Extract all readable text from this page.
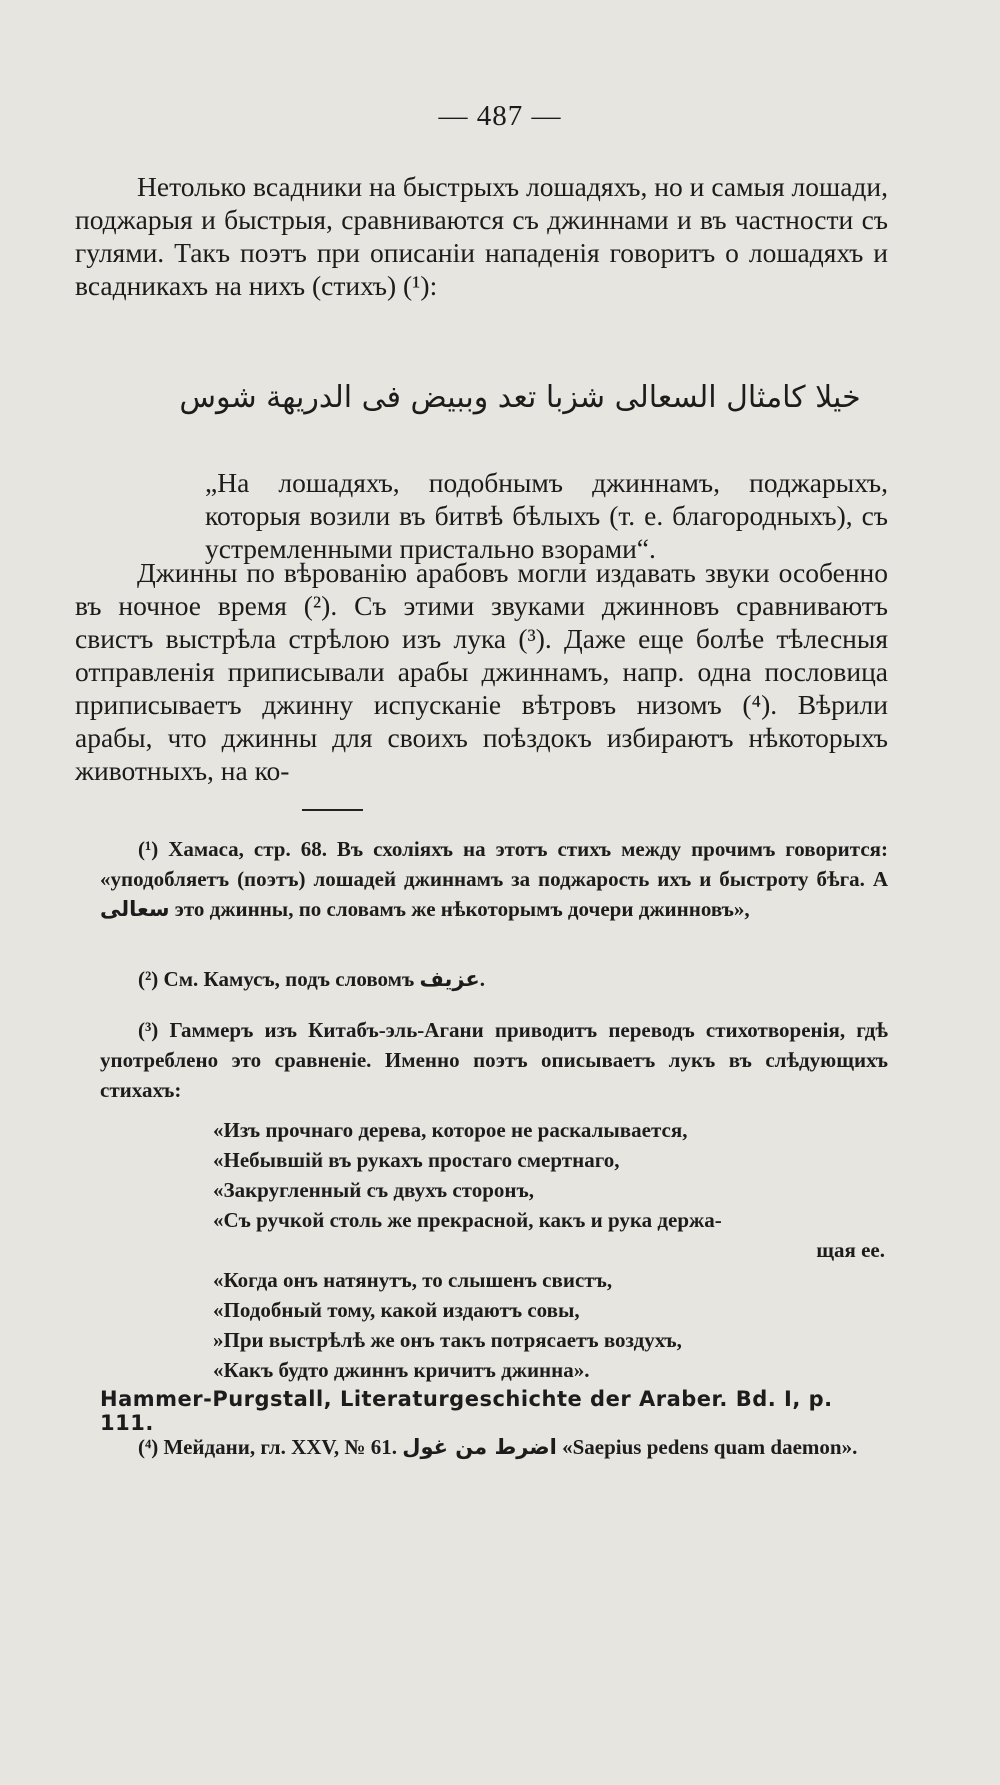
— 487 —
Нетолько всадники на быстрыхъ лошадяхъ, но и самыя лошади, поджарыя и быстрыя, сравниваются съ джиннами и въ частности съ гулями. Такъ поэтъ при описаніи нападенія говоритъ о лошадяхъ и всадникахъ на нихъ (стихъ) (¹):
خيلا كامثال السعالى شزبا تعد وببيض فى الدريهة شوس
„На лошадяхъ, подобнымъ джиннамъ, поджарыхъ, которыя возили въ битвѣ бѣлыхъ (т. е. благородныхъ), съ устремленными пристально взорами“.
Джинны по вѣрованію арабовъ могли издавать звуки особенно въ ночное время (²). Съ этими звуками джинновъ сравниваютъ свистъ выстрѣла стрѣлою изъ лука (³). Даже еще болѣе тѣлесныя отправленія приписывали арабы джиннамъ, напр. одна пословица приписываетъ джинну испусканіе вѣтровъ низомъ (⁴). Вѣрили арабы, что джинны для своихъ поѣздокъ избираютъ нѣкоторыхъ животныхъ, на ко-
(¹) Хамаса, стр. 68. Въ схоліяхъ на этотъ стихъ между прочимъ говорится: «уподобляетъ (поэтъ) лошадей джиннамъ за поджарость ихъ и быстроту бѣга. А سعالى это джинны, по словамъ же нѣкоторымъ дочери джинновъ»,
(²) См. Камусъ, подъ словомъ عزيف.
(³) Гаммеръ изъ Китабъ-эль-Агани приводитъ переводъ стихотворенія, гдѣ употреблено это сравненіе. Именно поэтъ описываетъ лукъ въ слѣдующихъ стихахъ:
«Изъ прочнаго дерева, которое не раскалывается,
«Небывшій въ рукахъ простаго смертнаго,
«Закругленный съ двухъ сторонъ,
«Съ ручкой столь же прекрасной, какъ и рука держа-
щая ее.
«Когда онъ натянутъ, то слышенъ свистъ,
«Подобный тому, какой издаютъ совы,
»При выстрѣлѣ же онъ такъ потрясаетъ воздухъ,
«Какъ будто джиннъ кричитъ джинна».
Hammer-Purgstall, Literaturgeschichte der Araber. Bd. I, p. 111.
(⁴) Мейдани, гл. XXV, № 61. اضرط من غول «Saepius pedens quam daemon».
